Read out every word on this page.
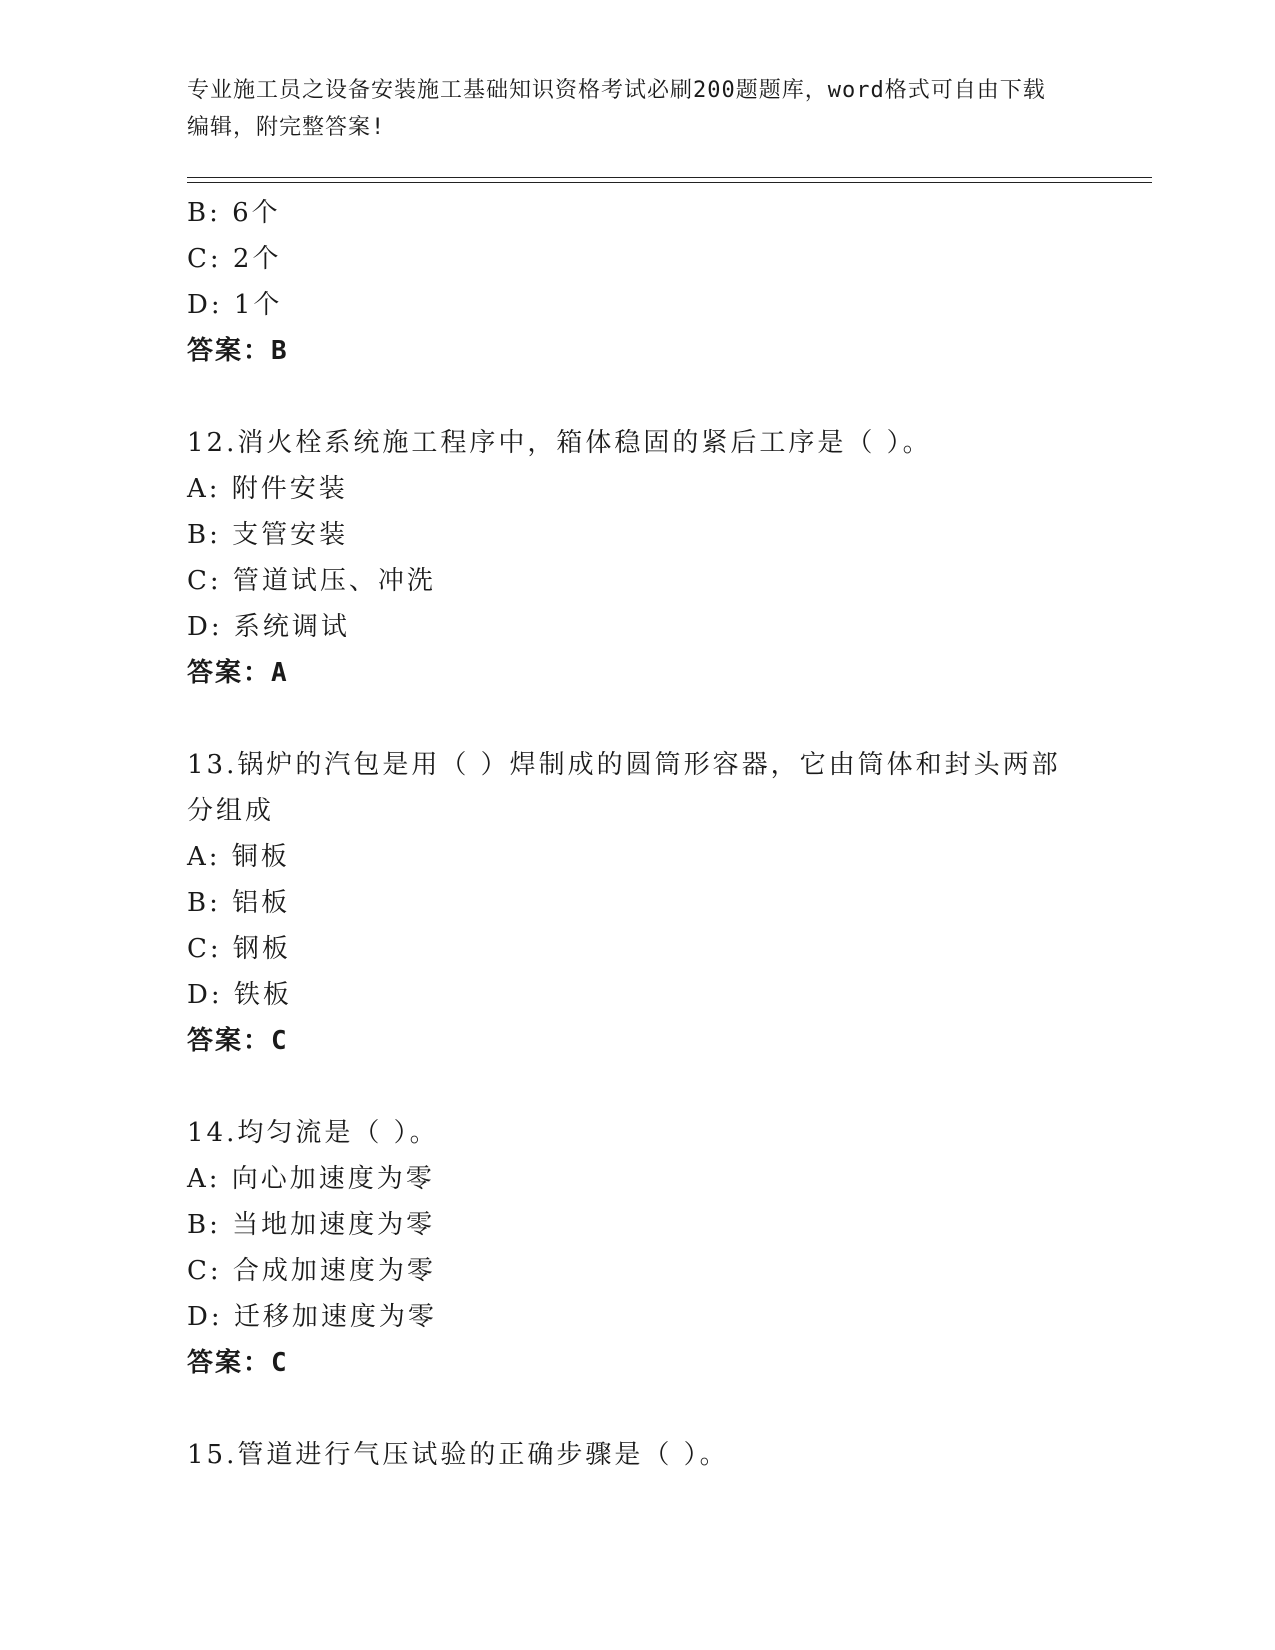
专业施工员之设备安装施工基础知识资格考试必刷200题题库，word格式可自由下载编辑，附完整答案!
B: 6个
C: 2个
D: 1个
答案：B
12.消火栓系统施工程序中，箱体稳固的紧后工序是（ ）。
A: 附件安装
B: 支管安装
C: 管道试压、冲洗
D: 系统调试
答案：A
13.锅炉的汽包是用（ ）焊制成的圆筒形容器，它由筒体和封头两部分组成
A: 铜板
B: 铝板
C: 钢板
D: 铁板
答案：C
14.均匀流是（ ）。
A: 向心加速度为零
B: 当地加速度为零
C: 合成加速度为零
D: 迁移加速度为零
答案：C
15.管道进行气压试验的正确步骤是（ ）。
